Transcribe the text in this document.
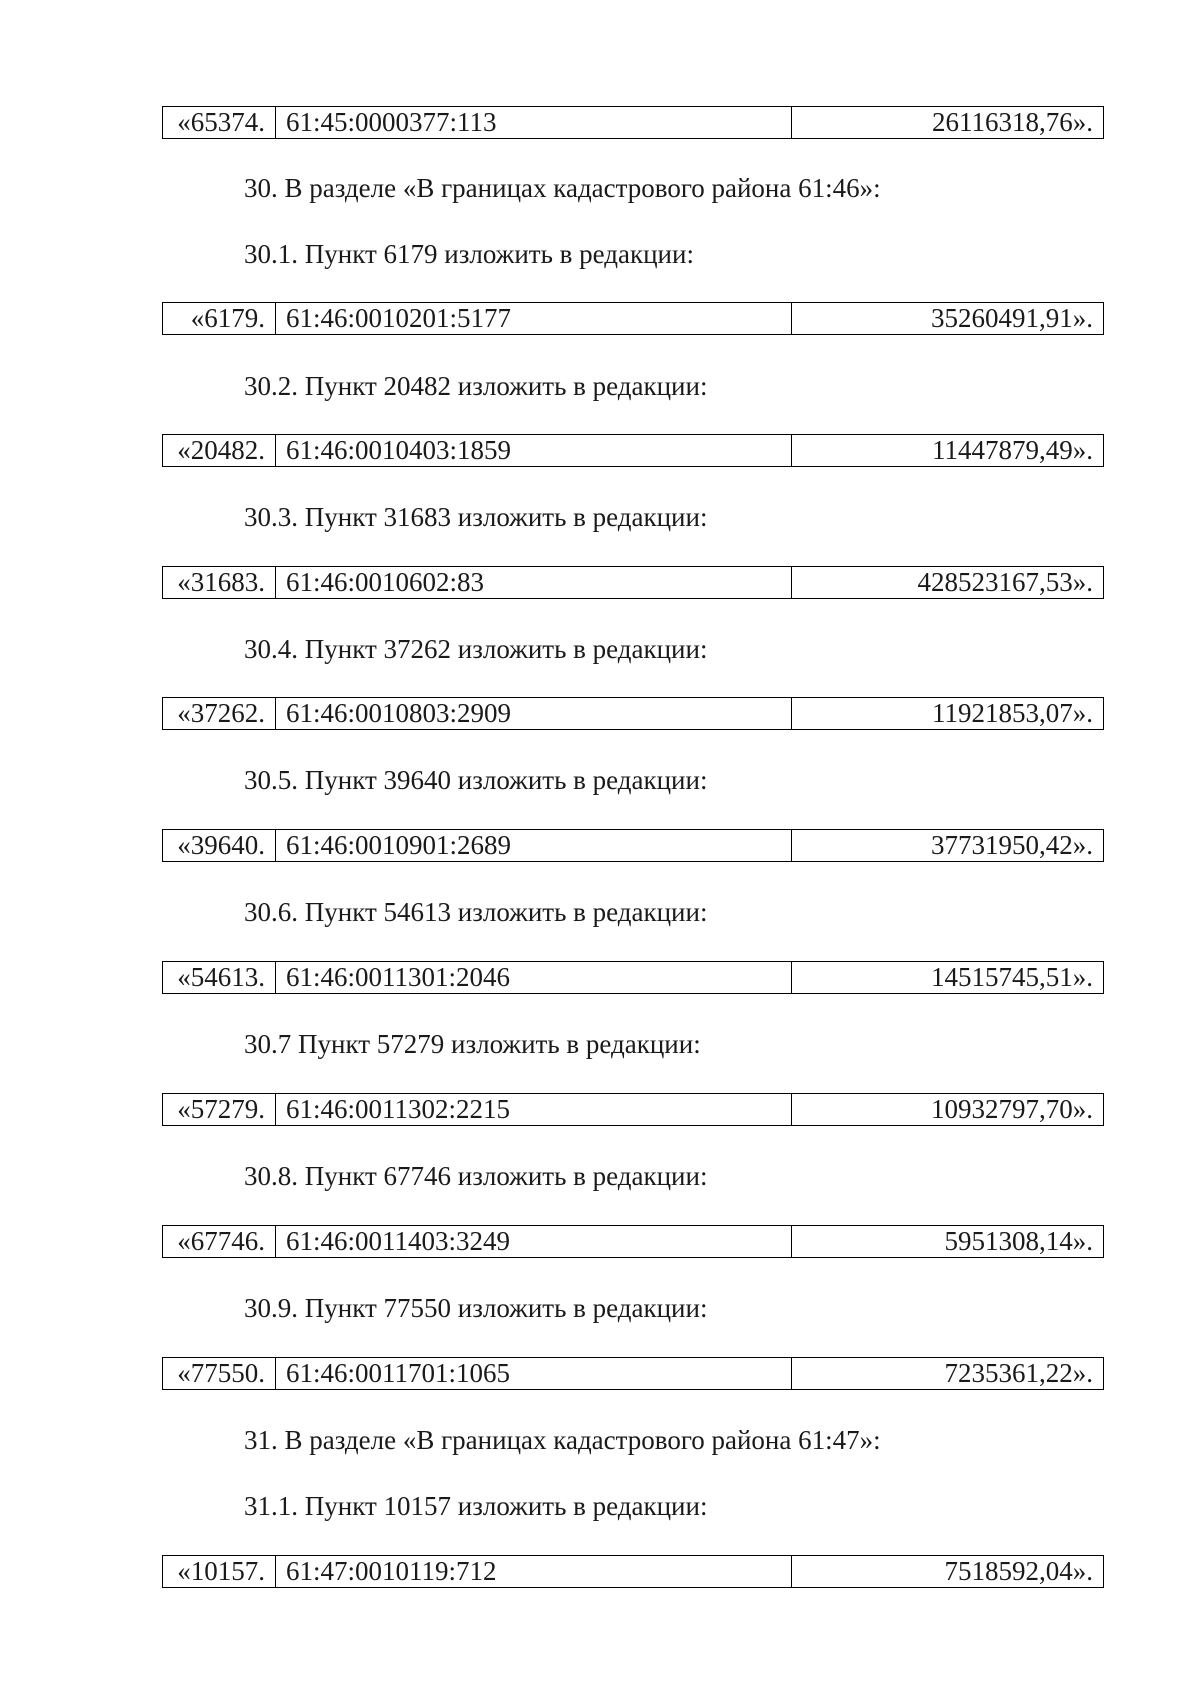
«65374. 61:45:0000377:113	26116318,76».
30. В разделе «В границах кадастрового района 61:46»:
30.1. Пункт 6179 изложить в редакции:
«6179. 61:46:0010201:5177	35260491,91».
30.2. Пункт 20482 изложить в редакции:
«20482. 61:46:0010403:1859	11447879,49».
30.3. Пункт 31683 изложить в редакции:
«31683. 61:46:0010602:83	428523167,53».
30.4. Пункт 37262 изложить в редакции:
«37262. 61:46:0010803:2909	11921853,07».
30.5. Пункт 39640 изложить в редакции:
«39640. 61:46:0010901:2689	37731950,42».
30.6. Пункт 54613 изложить в редакции:
«54613. 61:46:0011301:2046	14515745,51».
30.7 Пункт 57279 изложить в редакции:
«57279. 61:46:0011302:2215	10932797,70».
30.8. Пункт 67746 изложить в редакции:
«67746. 61:46:0011403:3249	5951308,14».
30.9. Пункт 77550 изложить в редакции:
«77550. 61:46:0011701:1065	7235361,22».
31. В разделе «В границах кадастрового района 61:47»:
31.1. Пункт 10157 изложить в редакции:
«10157. 61:47:0010119:712	7518592,04».
